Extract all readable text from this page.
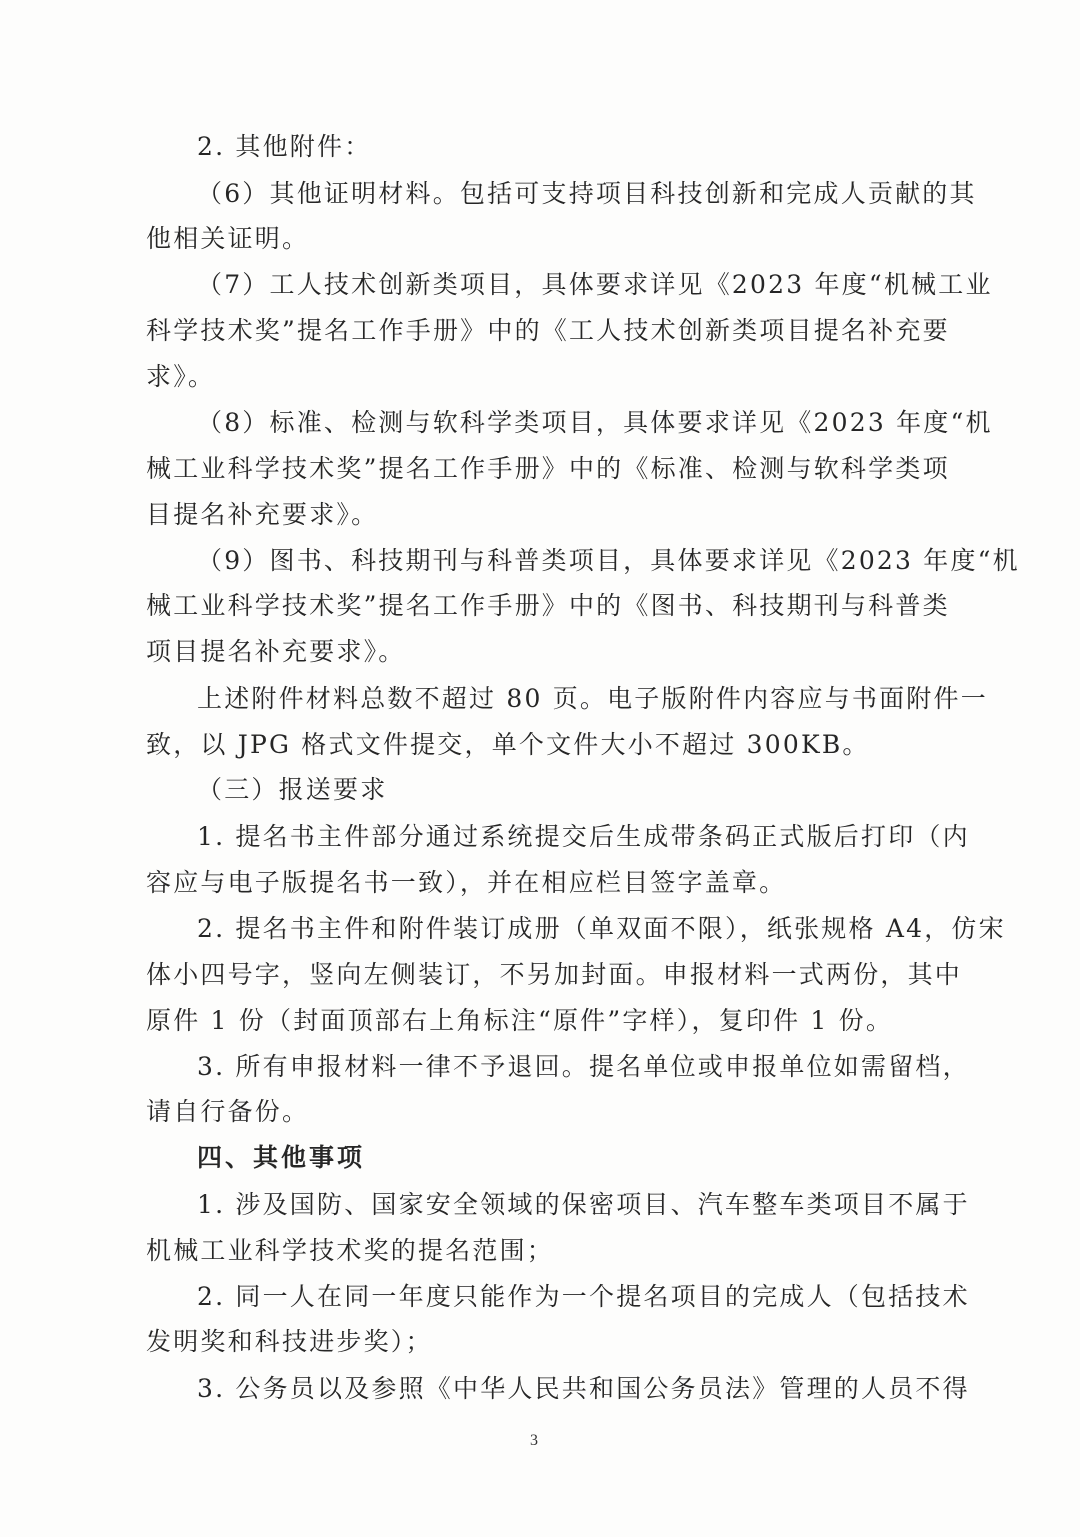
2. 其他附件：
（6）其他证明材料。包括可支持项目科技创新和完成人贡献的其
他相关证明。
（7）工人技术创新类项目，具体要求详见《2023 年度“机械工业
科学技术奖”提名工作手册》中的《工人技术创新类项目提名补充要
求》。
（8）标准、检测与软科学类项目，具体要求详见《2023 年度“机
械工业科学技术奖”提名工作手册》中的《标准、检测与软科学类项
目提名补充要求》。
（9）图书、科技期刊与科普类项目，具体要求详见《2023 年度“机
械工业科学技术奖”提名工作手册》中的《图书、科技期刊与科普类
项目提名补充要求》。
上述附件材料总数不超过 80 页。电子版附件内容应与书面附件一
致，以 JPG 格式文件提交，单个文件大小不超过 300KB。
（三）报送要求
1. 提名书主件部分通过系统提交后生成带条码正式版后打印（内
容应与电子版提名书一致），并在相应栏目签字盖章。
2. 提名书主件和附件装订成册（单双面不限），纸张规格 A4，仿宋
体小四号字，竖向左侧装订，不另加封面。申报材料一式两份，其中
原件 1 份（封面顶部右上角标注“原件”字样），复印件 1 份。
3. 所有申报材料一律不予退回。提名单位或申报单位如需留档，
请自行备份。
四、其他事项
1. 涉及国防、国家安全领域的保密项目、汽车整车类项目不属于
机械工业科学技术奖的提名范围；
2. 同一人在同一年度只能作为一个提名项目的完成人（包括技术
发明奖和科技进步奖）；
3. 公务员以及参照《中华人民共和国公务员法》管理的人员不得
3
